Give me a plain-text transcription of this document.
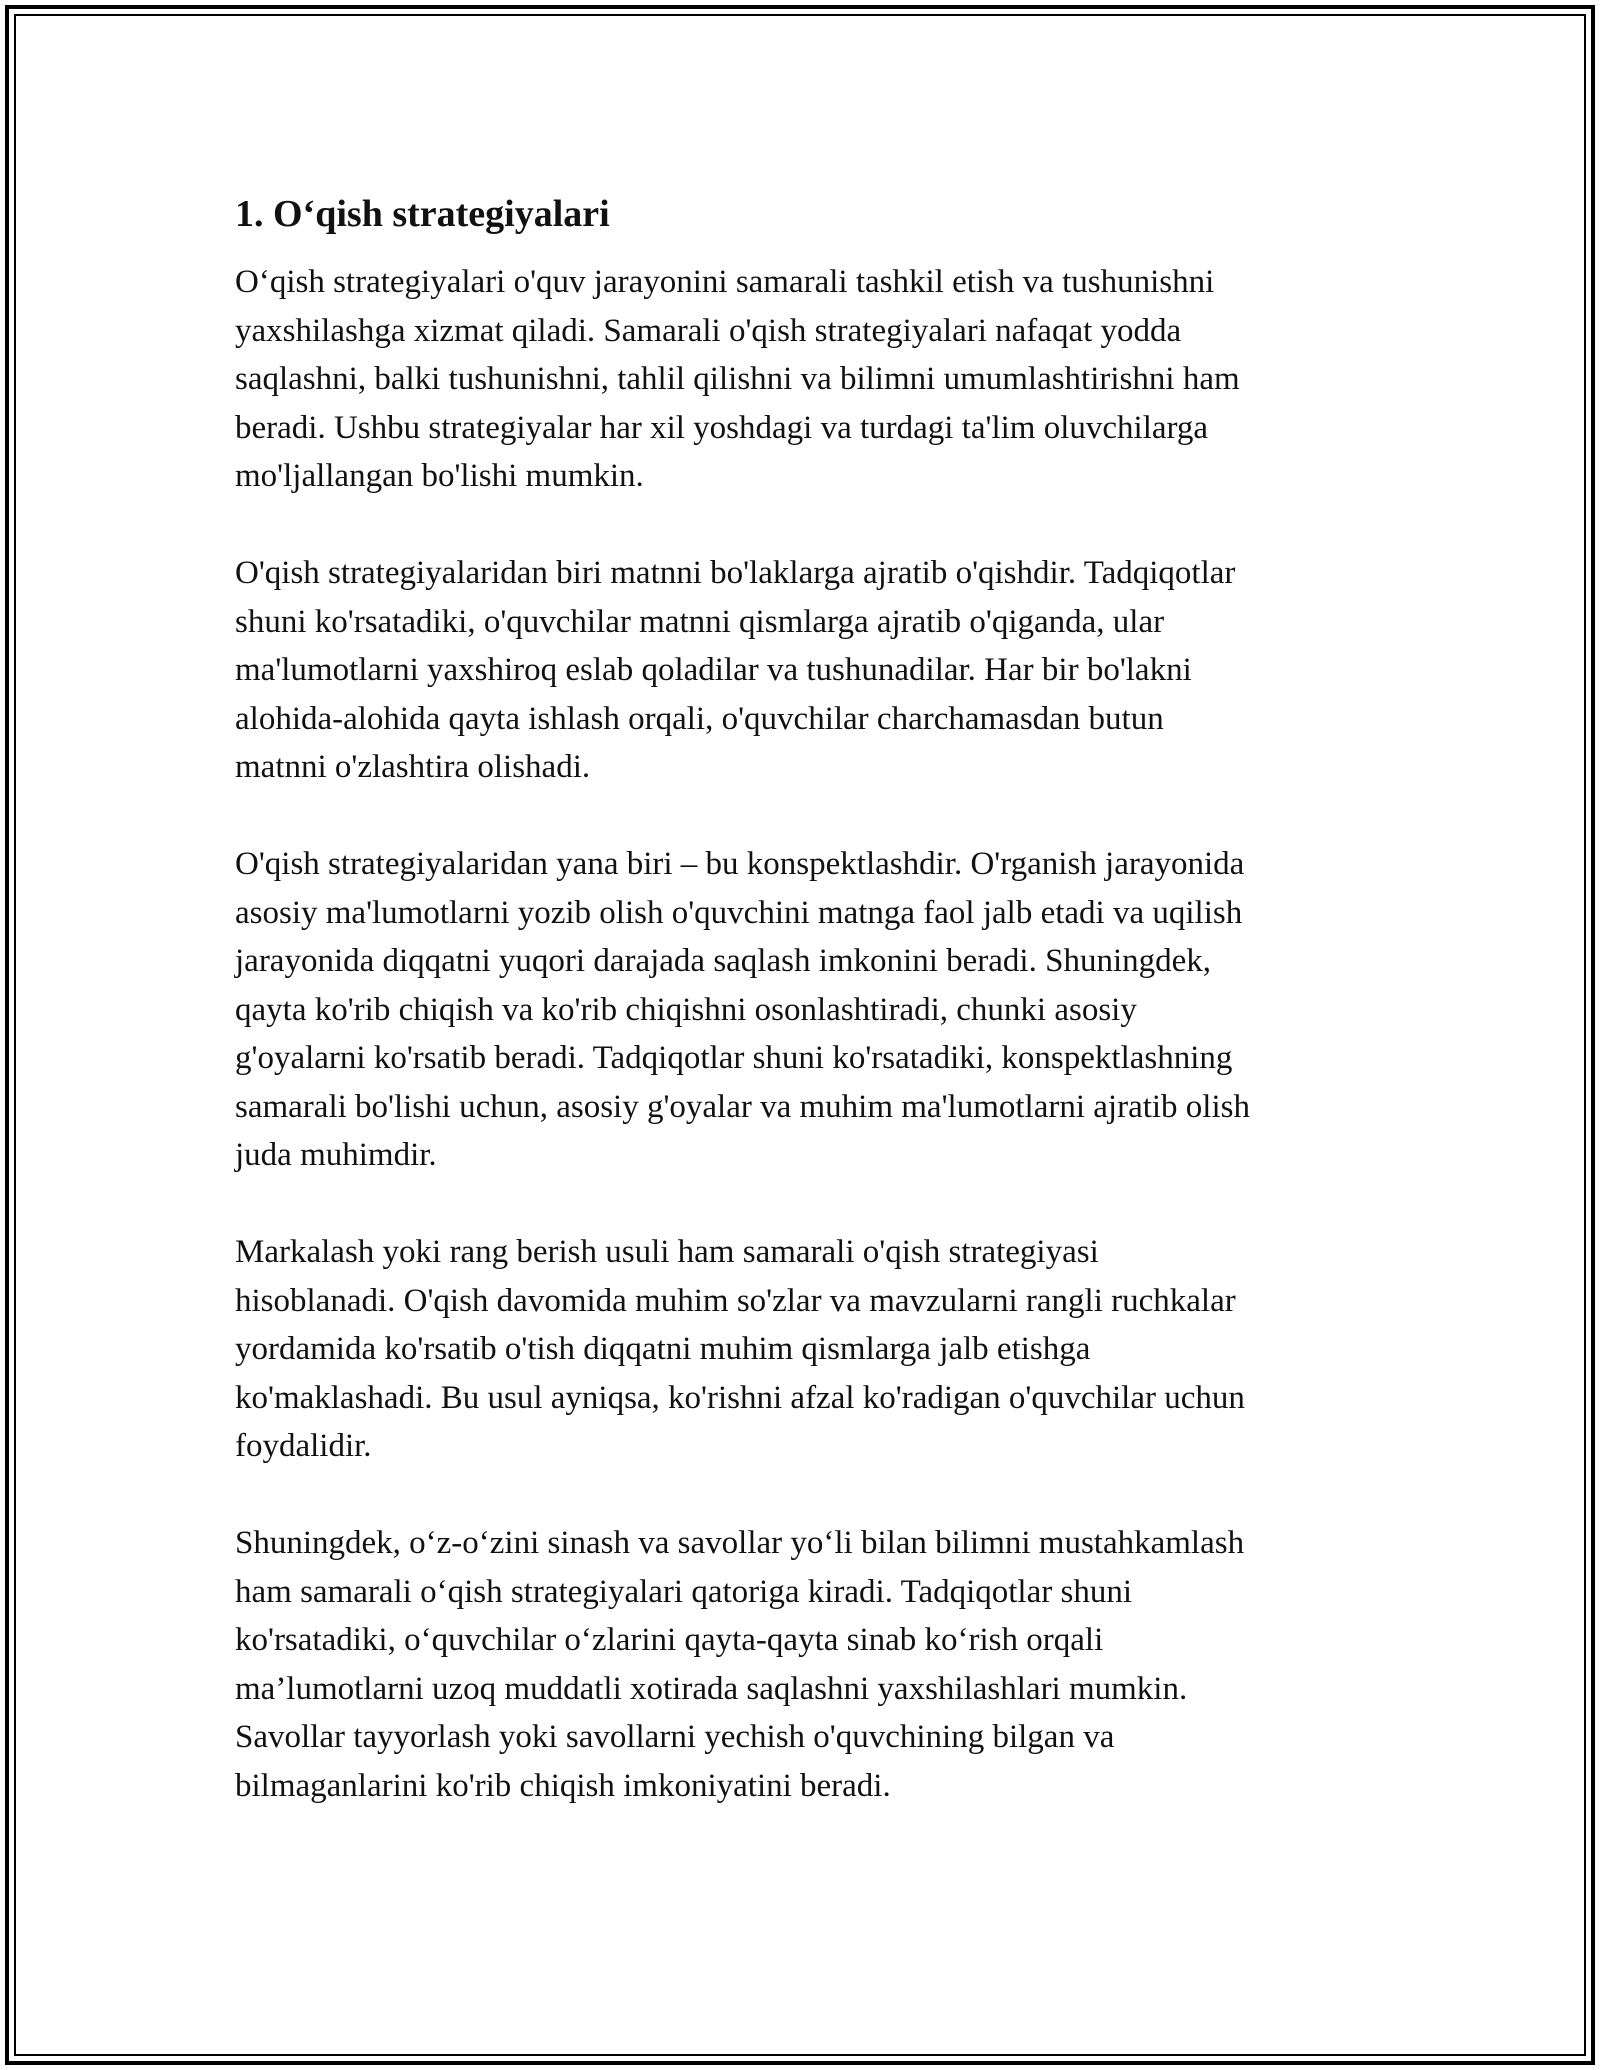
1. O‘qish strategiyalari
O‘qish strategiyalari o'quv jarayonini samarali tashkil etish va tushunishni
yaxshilashga xizmat qiladi. Samarali o'qish strategiyalari nafaqat yodda
saqlashni, balki tushunishni, tahlil qilishni va bilimni umumlashtirishni ham
beradi. Ushbu strategiyalar har xil yoshdagi va turdagi ta'lim oluvchilarga
mo'ljallangan bo'lishi mumkin.
O'qish strategiyalaridan biri matnni bo'laklarga ajratib o'qishdir. Tadqiqotlar
shuni ko'rsatadiki, o'quvchilar matnni qismlarga ajratib o'qiganda, ular
ma'lumotlarni yaxshiroq eslab qoladilar va tushunadilar. Har bir bo'lakni
alohida-alohida qayta ishlash orqali, o'quvchilar charchamasdan butun
matnni o'zlashtira olishadi.
O'qish strategiyalaridan yana biri – bu konspektlashdir. O'rganish jarayonida
asosiy ma'lumotlarni yozib olish o'quvchini matnga faol jalb etadi va uqilish
jarayonida diqqatni yuqori darajada saqlash imkonini beradi. Shuningdek,
qayta ko'rib chiqish va ko'rib chiqishni osonlashtiradi, chunki asosiy
g'oyalarni ko'rsatib beradi. Tadqiqotlar shuni ko'rsatadiki, konspektlashning
samarali bo'lishi uchun, asosiy g'oyalar va muhim ma'lumotlarni ajratib olish
juda muhimdir.
Markalash yoki rang berish usuli ham samarali o'qish strategiyasi
hisoblanadi. O'qish davomida muhim so'zlar va mavzularni rangli ruchkalar
yordamida ko'rsatib o'tish diqqatni muhim qismlarga jalb etishga
ko'maklashadi. Bu usul ayniqsa, ko'rishni afzal ko'radigan o'quvchilar uchun
foydalidir.
Shuningdek, o‘z-o‘zini sinash va savollar yo‘li bilan bilimni mustahkamlash
ham samarali o‘qish strategiyalari qatoriga kiradi. Tadqiqotlar shuni
ko'rsatadiki, o‘quvchilar o‘zlarini qayta-qayta sinab ko‘rish orqali
ma’lumotlarni uzoq muddatli xotirada saqlashni yaxshilashlari mumkin.
Savollar tayyorlash yoki savollarni yechish o'quvchining bilgan va
bilmaganlarini ko'rib chiqish imkoniyatini beradi.
